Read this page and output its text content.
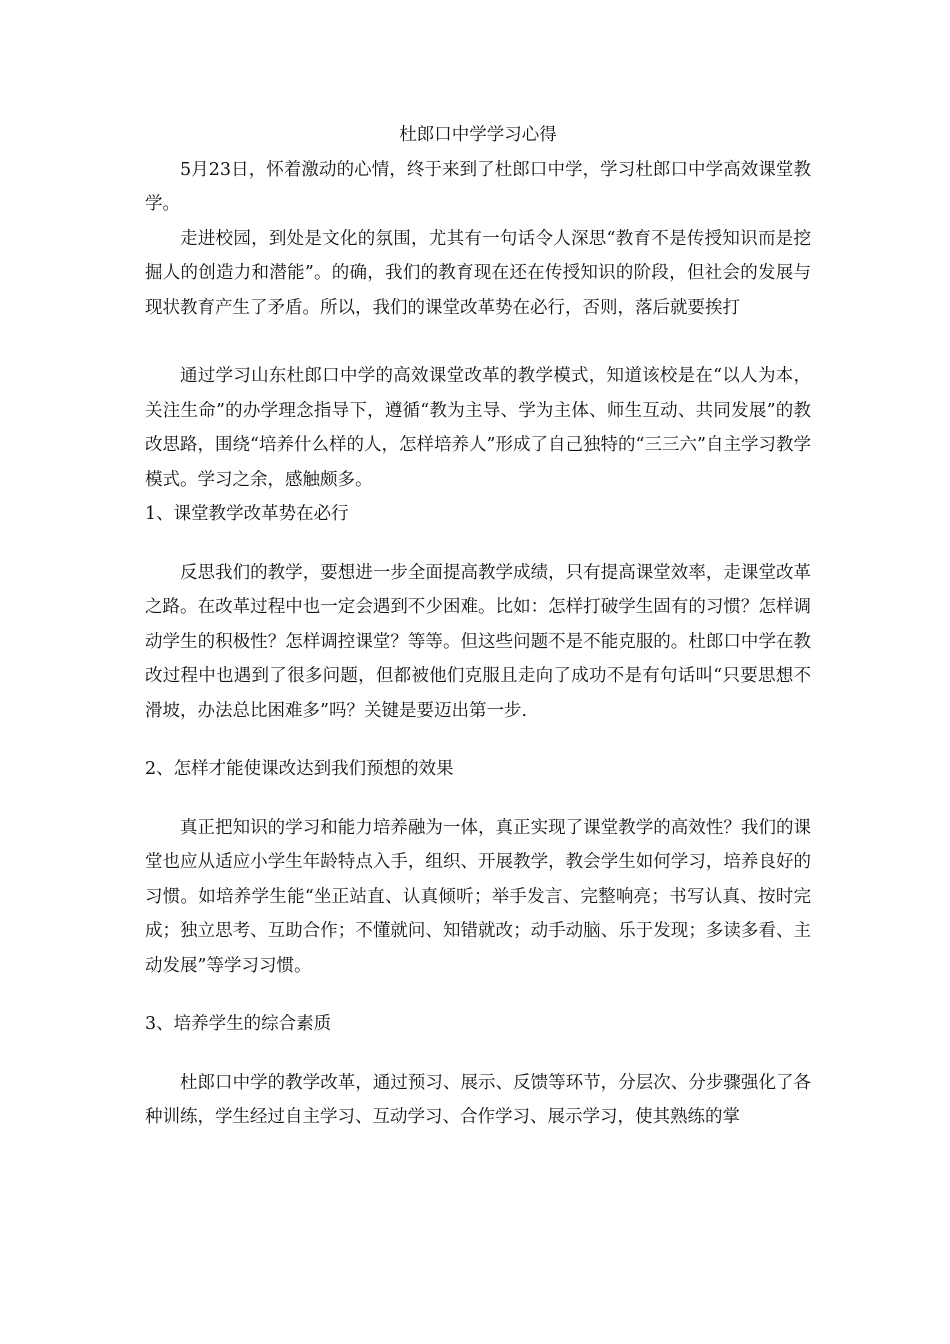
杜郎口中学学习心得

5月23日，怀着激动的心情，终于来到了杜郎口中学，学习杜郎口中学高效课堂教学。

走进校园，到处是文化的氛围，尤其有一句话令人深思“教育不是传授知识而是挖掘人的创造力和潜能”。的确，我们的教育现在还在传授知识的阶段，但社会的发展与现状教育产生了矛盾。所以，我们的课堂改革势在必行，否则，落后就要挨打

通过学习山东杜郎口中学的高效课堂改革的教学模式，知道该校是在“以人为本，关注生命”的办学理念指导下，遵循“教为主导、学为主体、师生互动、共同发展”的教改思路，围绕“培养什么样的人，怎样培养人”形成了自己独特的“三三六”自主学习教学模式。学习之余，感触颇多。

1、课堂教学改革势在必行

反思我们的教学，要想进一步全面提高教学成绩，只有提高课堂效率，走课堂改革之路。在改革过程中也一定会遇到不少困难。比如：怎样打破学生固有的习惯？怎样调动学生的积极性？怎样调控课堂？等等。但这些问题不是不能克服的。杜郎口中学在教改过程中也遇到了很多问题，但都被他们克服且走向了成功不是有句话叫“只要思想不滑坡，办法总比困难多”吗？关键是要迈出第一步.

2、怎样才能使课改达到我们预想的效果

真正把知识的学习和能力培养融为一体，真正实现了课堂教学的高效性？我们的课堂也应从适应小学生年龄特点入手，组织、开展教学，教会学生如何学习，培养良好的习惯。如培养学生能“坐正站直、认真倾听；举手发言、完整响亮；书写认真、按时完成；独立思考、互助合作；不懂就问、知错就改；动手动脑、乐于发现；多读多看、主动发展”等学习习惯。

3、培养学生的综合素质

杜郎口中学的教学改革，通过预习、展示、反馈等环节，分层次、分步骤强化了各种训练，学生经过自主学习、互动学习、合作学习、展示学习，使其熟练的掌
